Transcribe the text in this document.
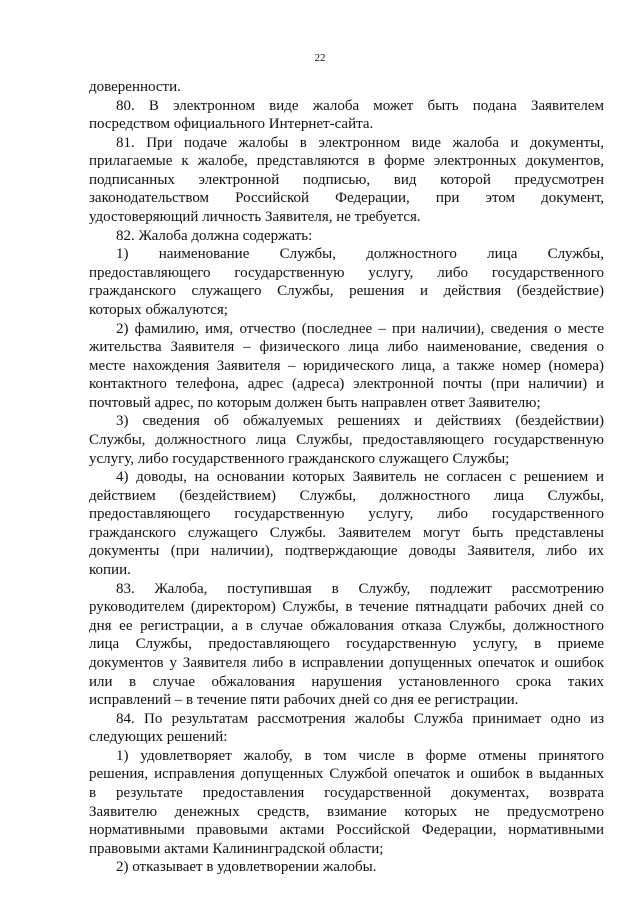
22
доверенности.
80. В электронном виде жалоба может быть подана Заявителем
посредством официального Интернет-сайта.
81. При подаче жалобы в электронном виде жалоба и документы,
прилагаемые к жалобе, представляются в форме электронных документов,
подписанных электронной подписью, вид которой предусмотрен
законодательством Российской Федерации, при этом документ,
удостоверяющий личность Заявителя, не требуется.
82. Жалоба должна содержать:
1) наименование Службы, должностного лица Службы,
предоставляющего государственную услугу, либо государственного
гражданского служащего Службы, решения и действия (бездействие)
которых обжалуются;
2) фамилию, имя, отчество (последнее – при наличии), сведения о месте
жительства Заявителя – физического лица либо наименование, сведения о
месте нахождения Заявителя – юридического лица, а также номер (номера)
контактного телефона, адрес (адреса) электронной почты (при наличии) и
почтовый адрес, по которым должен быть направлен ответ Заявителю;
3) сведения об обжалуемых решениях и действиях (бездействии)
Службы, должностного лица Службы, предоставляющего государственную
услугу, либо государственного гражданского служащего Службы;
4) доводы, на основании которых Заявитель не согласен с решением и
действием (бездействием) Службы, должностного лица Службы,
предоставляющего государственную услугу, либо государственного
гражданского служащего Службы. Заявителем могут быть представлены
документы (при наличии), подтверждающие доводы Заявителя, либо их
копии.
83. Жалоба, поступившая в Службу, подлежит рассмотрению
руководителем (директором) Службы, в течение пятнадцати рабочих дней со
дня ее регистрации, а в случае обжалования отказа Службы, должностного
лица Службы, предоставляющего государственную услугу, в приеме
документов у Заявителя либо в исправлении допущенных опечаток и ошибок
или в случае обжалования нарушения установленного срока таких
исправлений – в течение пяти рабочих дней со дня ее регистрации.
84. По результатам рассмотрения жалобы Служба принимает одно из
следующих решений:
1) удовлетворяет жалобу, в том числе в форме отмены принятого
решения, исправления допущенных Службой опечаток и ошибок в выданных
в результате предоставления государственной документах, возврата
Заявителю денежных средств, взимание которых не предусмотрено
нормативными правовыми актами Российской Федерации, нормативными
правовыми актами Калининградской области;
2) отказывает в удовлетворении жалобы.
